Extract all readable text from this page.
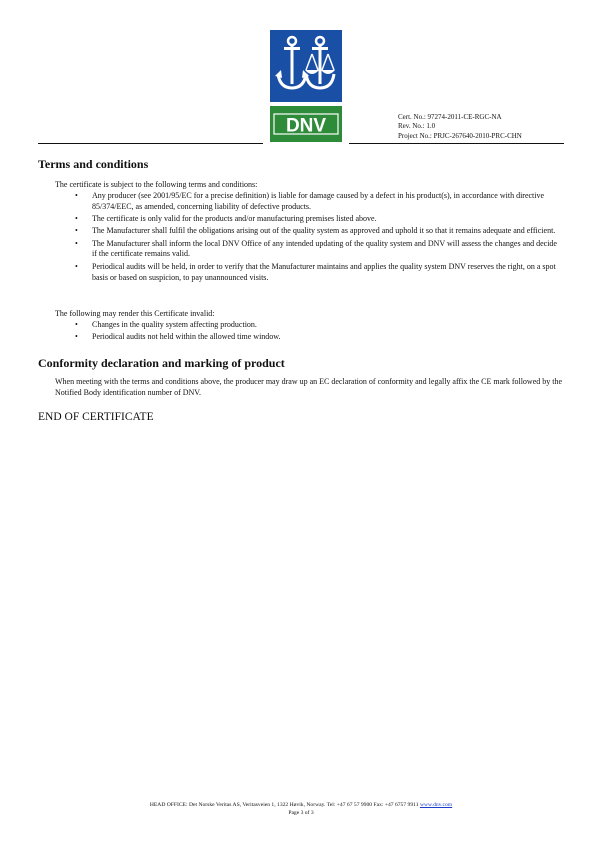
DNV	Cert. No.: 97274-2011-CE-RGC-NA
Rev. No.: 1.0
Project No.: PRJC-267640-2010-PRC-CHN
Terms and conditions

The certificate is subject to the following terms and conditions:

• Any producer (see 2001/95/EC for a precise definition) is liable for damage caused by a defect in his product(s), in accordance with directive 85/374/EEC, as amended, concerning liability of defective products.
• The certificate is only valid for the products and/or manufacturing premises listed above.
• The Manufacturer shall fulfil the obligations arising out of the quality system as approved and uphold it so that it remains adequate and efficient.
• The Manufacturer shall inform the local DNV Office of any intended updating of the quality system and DNV will assess the changes and decide if the certificate remains valid.
• Periodical audits will be held, in order to verify that the Manufacturer maintains and applies the quality system DNV reserves the right, on a spot basis or based on suspicion, to pay unannounced visits.

The following may render this Certificate invalid:

• Changes in the quality system affecting production.
• Periodical audits not held within the allowed time window.
Conformity declaration and marking of product

When meeting with the terms and conditions above, the producer may draw up an EC declaration of conformity and legally affix the CE mark followed by the Notified Body identification number of DNV.

END OF CERTIFICATE

HEAD OFFICE: Det Norske Veritas AS, Veritasveien 1, 1322 Høvik, Norway. Tel: +47 67 57 9900 Fax: +47 6757 9911 www.dnv.com
Page 3 of 3
